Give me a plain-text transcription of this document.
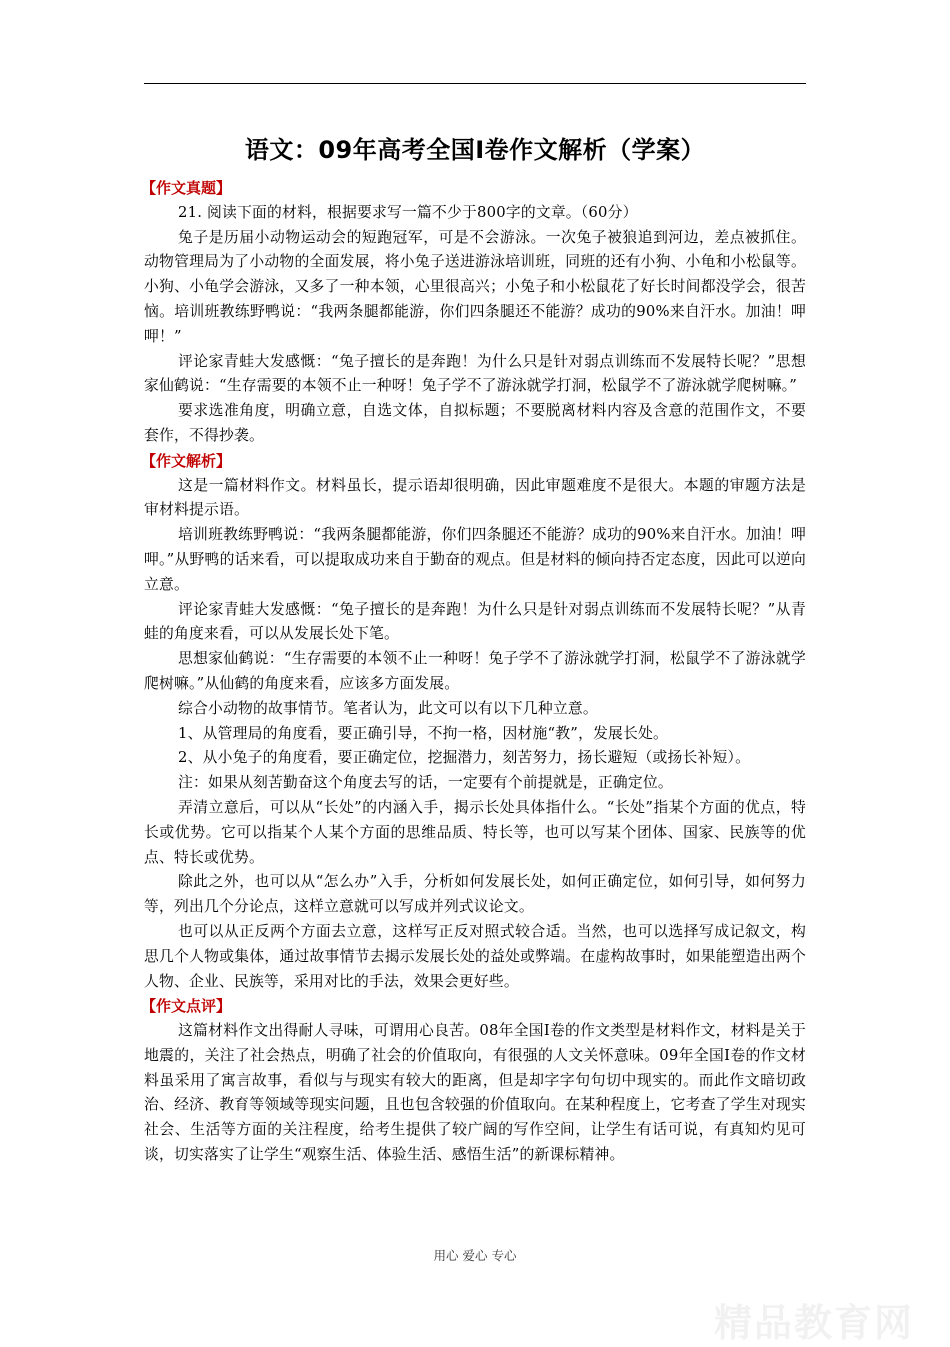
语文：09年高考全国Ⅰ卷作文解析（学案）
【作文真题】

21. 阅读下面的材料，根据要求写一篇不少于800字的文章。（60分）

兔子是历届小动物运动会的短跑冠军，可是不会游泳。一次兔子被狼追到河边，差点被抓住。动物管理局为了小动物的全面发展，将小兔子送进游泳培训班，同班的还有小狗、小龟和小松鼠等。小狗、小龟学会游泳，又多了一种本领，心里很高兴；小兔子和小松鼠花了好长时间都没学会，很苦恼。培训班教练野鸭说：“我两条腿都能游，你们四条腿还不能游？成功的90%来自汗水。加油！呷呷！”

评论家青蛙大发感慨：“兔子擅长的是奔跑！为什么只是针对弱点训练而不发展特长呢？”思想家仙鹤说：“生存需要的本领不止一种呀！兔子学不了游泳就学打洞，松鼠学不了游泳就学爬树嘛。”

要求选准角度，明确立意，自选文体，自拟标题；不要脱离材料内容及含意的范围作文，不要套作，不得抄袭。

【作文解析】

这是一篇材料作文。材料虽长，提示语却很明确，因此审题难度不是很大。本题的审题方法是审材料提示语。

培训班教练野鸭说：“我两条腿都能游，你们四条腿还不能游？成功的90%来自汗水。加油！呷呷。”从野鸭的话来看，可以提取成功来自于勤奋的观点。但是材料的倾向持否定态度，因此可以逆向立意。

评论家青蛙大发感慨：“兔子擅长的是奔跑！为什么只是针对弱点训练而不发展特长呢？”从青蛙的角度来看，可以从发展长处下笔。

思想家仙鹤说：“生存需要的本领不止一种呀！兔子学不了游泳就学打洞，松鼠学不了游泳就学爬树嘛。”从仙鹤的角度来看，应该多方面发展。

综合小动物的故事情节。笔者认为，此文可以有以下几种立意。

1、从管理局的角度看，要正确引导，不拘一格，因材施“教”，发展长处。

2、从小兔子的角度看，要正确定位，挖掘潜力，刻苦努力，扬长避短（或扬长补短）。

注：如果从刻苦勤奋这个角度去写的话，一定要有个前提就是，正确定位。

弄清立意后，可以从“长处”的内涵入手，揭示长处具体指什么。“长处”指某个方面的优点，特长或优势。它可以指某个人某个方面的思维品质、特长等，也可以写某个团体、国家、民族等的优点、特长或优势。

除此之外，也可以从“怎么办”入手，分析如何发展长处，如何正确定位，如何引导，如何努力等，列出几个分论点，这样立意就可以写成并列式议论文。

也可以从正反两个方面去立意，这样写正反对照式较合适。当然，也可以选择写成记叙文，构思几个人物或集体，通过故事情节去揭示发展长处的益处或弊端。在虚构故事时，如果能塑造出两个人物、企业、民族等，采用对比的手法，效果会更好些。

【作文点评】

这篇材料作文出得耐人寻味，可谓用心良苦。08年全国Ⅰ卷的作文类型是材料作文，材料是关于地震的，关注了社会热点，明确了社会的价值取向，有很强的人文关怀意味。09年全国Ⅰ卷的作文材料虽采用了寓言故事，看似与与现实有较大的距离，但是却字字句句切中现实的。而此作文暗切政治、经济、教育等领域等现实问题，且也包含较强的价值取向。在某种程度上，它考查了学生对现实社会、生活等方面的关注程度，给考生提供了较广阔的写作空间，让学生有话可说，有真知灼见可谈，切实落实了让学生“观察生活、体验生活、感悟生活”的新课标精神。

用心 爱心 专心
精品教育网
